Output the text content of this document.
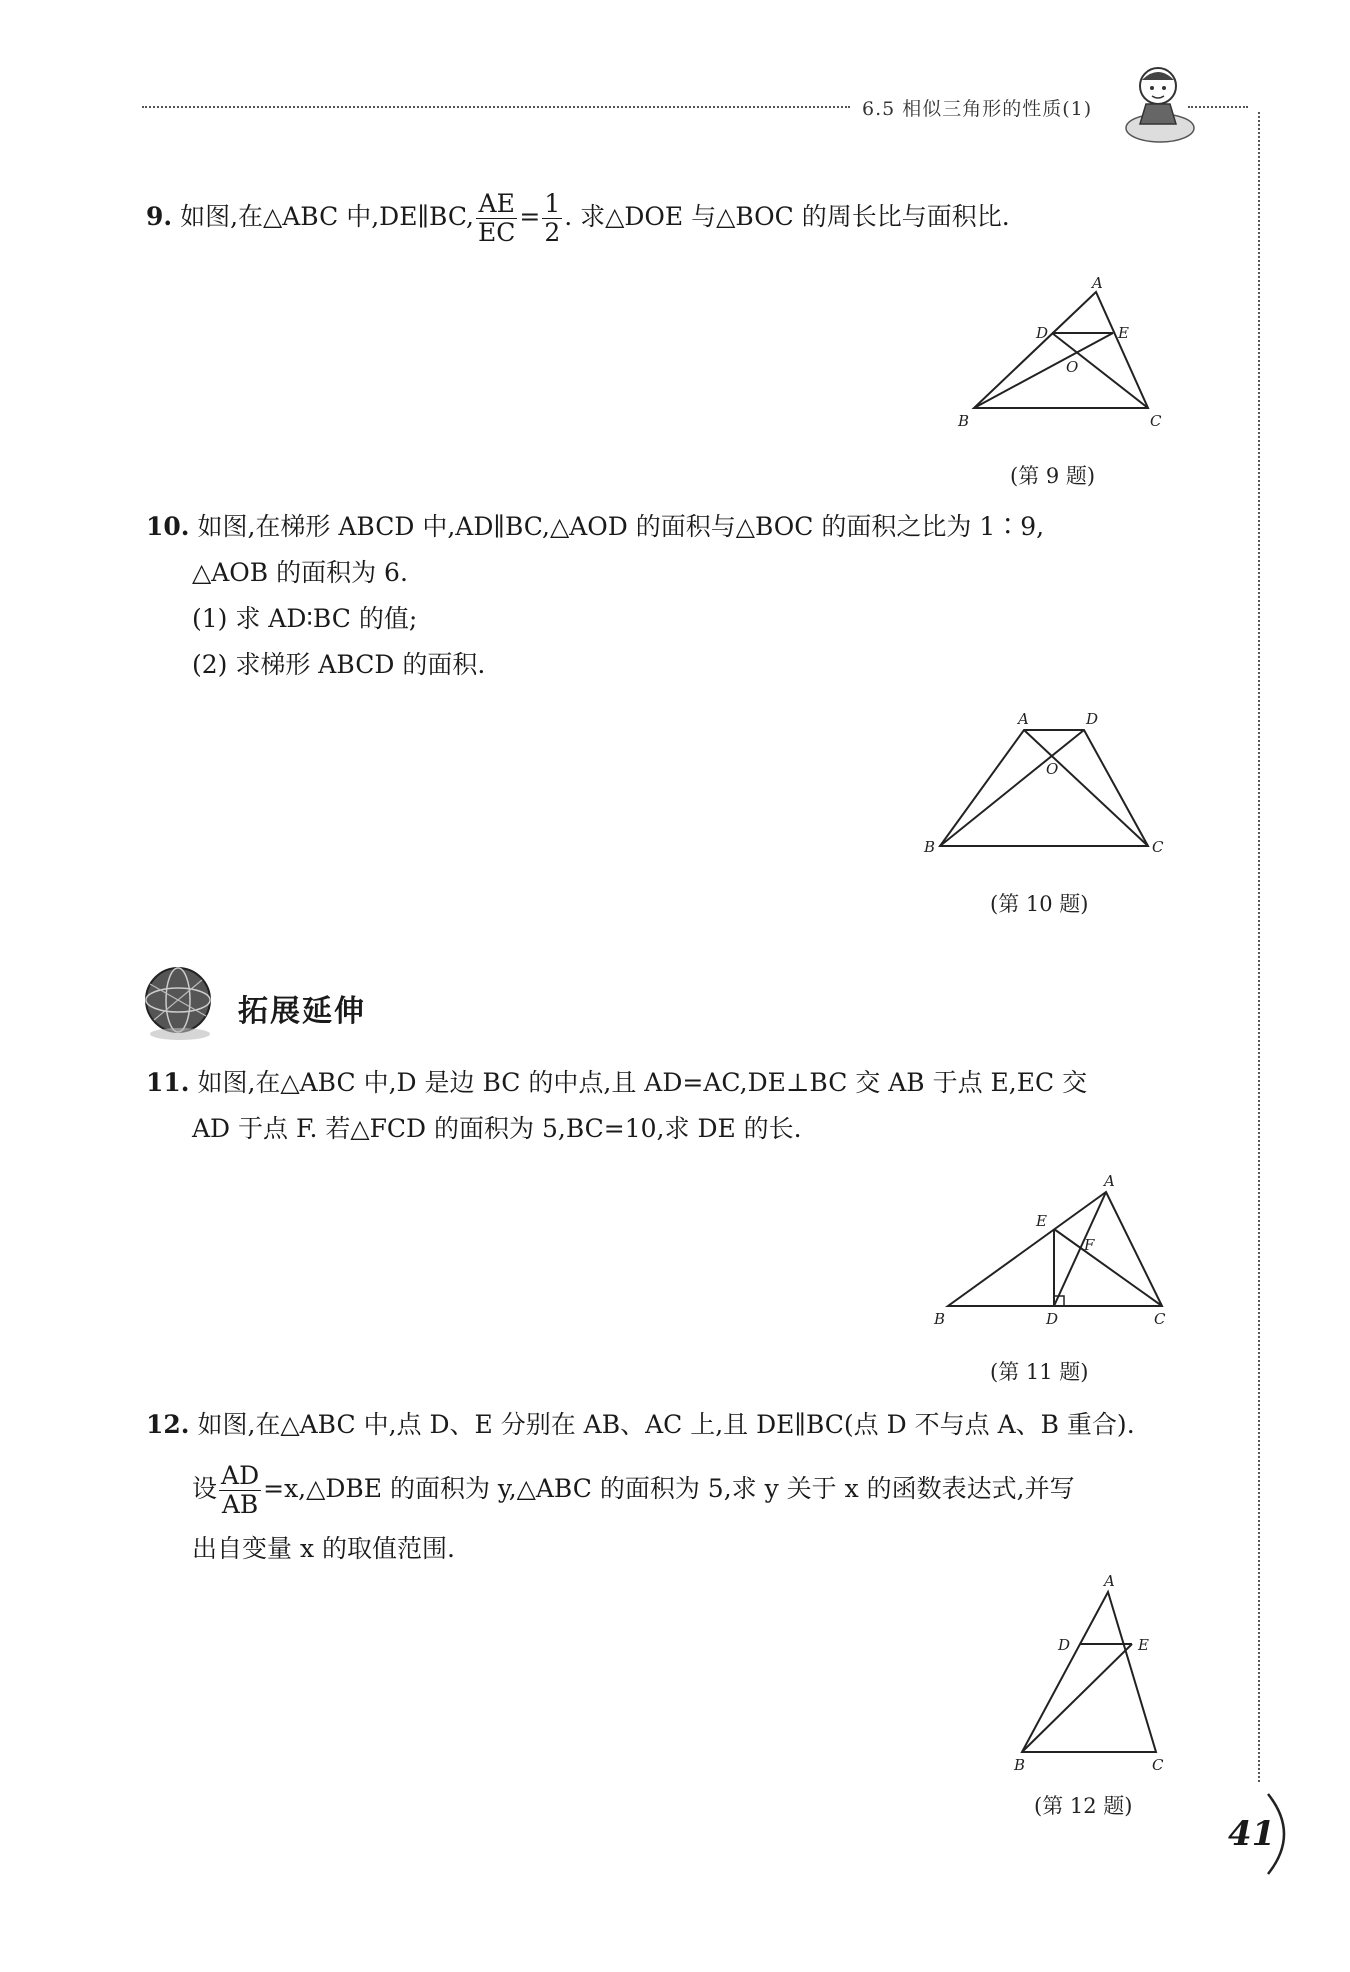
6.5 相似三角形的性质(1)
9. 如图,在△ABC 中,DE∥BC, $\frac{AE}{EC} = \frac{1}{2}$ . 求△DOE 与△BOC 的周长比与面积比.
A
B	C
D	E
O
(第 9 题)
10. 如图,在梯形 ABCD 中,AD∥BC,△AOD 的面积与△BOC 的面积之比为 1∶9,
△AOB 的面积为 6.
(1) 求 AD∶BC 的值;
(2) 求梯形 ABCD 的面积.
A	D
B	C
O
(第 10 题)
拓展延伸
11. 如图,在△ABC 中,D 是边 BC 的中点,且 AD=AC,DE⊥BC 交 AB 于点 E,EC 交
AD 于点 F. 若△FCD 的面积为 5,BC=10,求 DE 的长.
A
E
F
B	D	C
(第 11 题)
12. 如图,在△ABC 中,点 D、E 分别在 AB、AC 上,且 DE∥BC(点 D 不与点 A、B 重合).
设 $\frac{AD}{AB}$ =x,△DBE 的面积为 y,△ABC 的面积为 5,求 y 关于 x 的函数表达式,并写
出自变量 x 的取值范围.
A
D	E
B	C
(第 12 题)
41
